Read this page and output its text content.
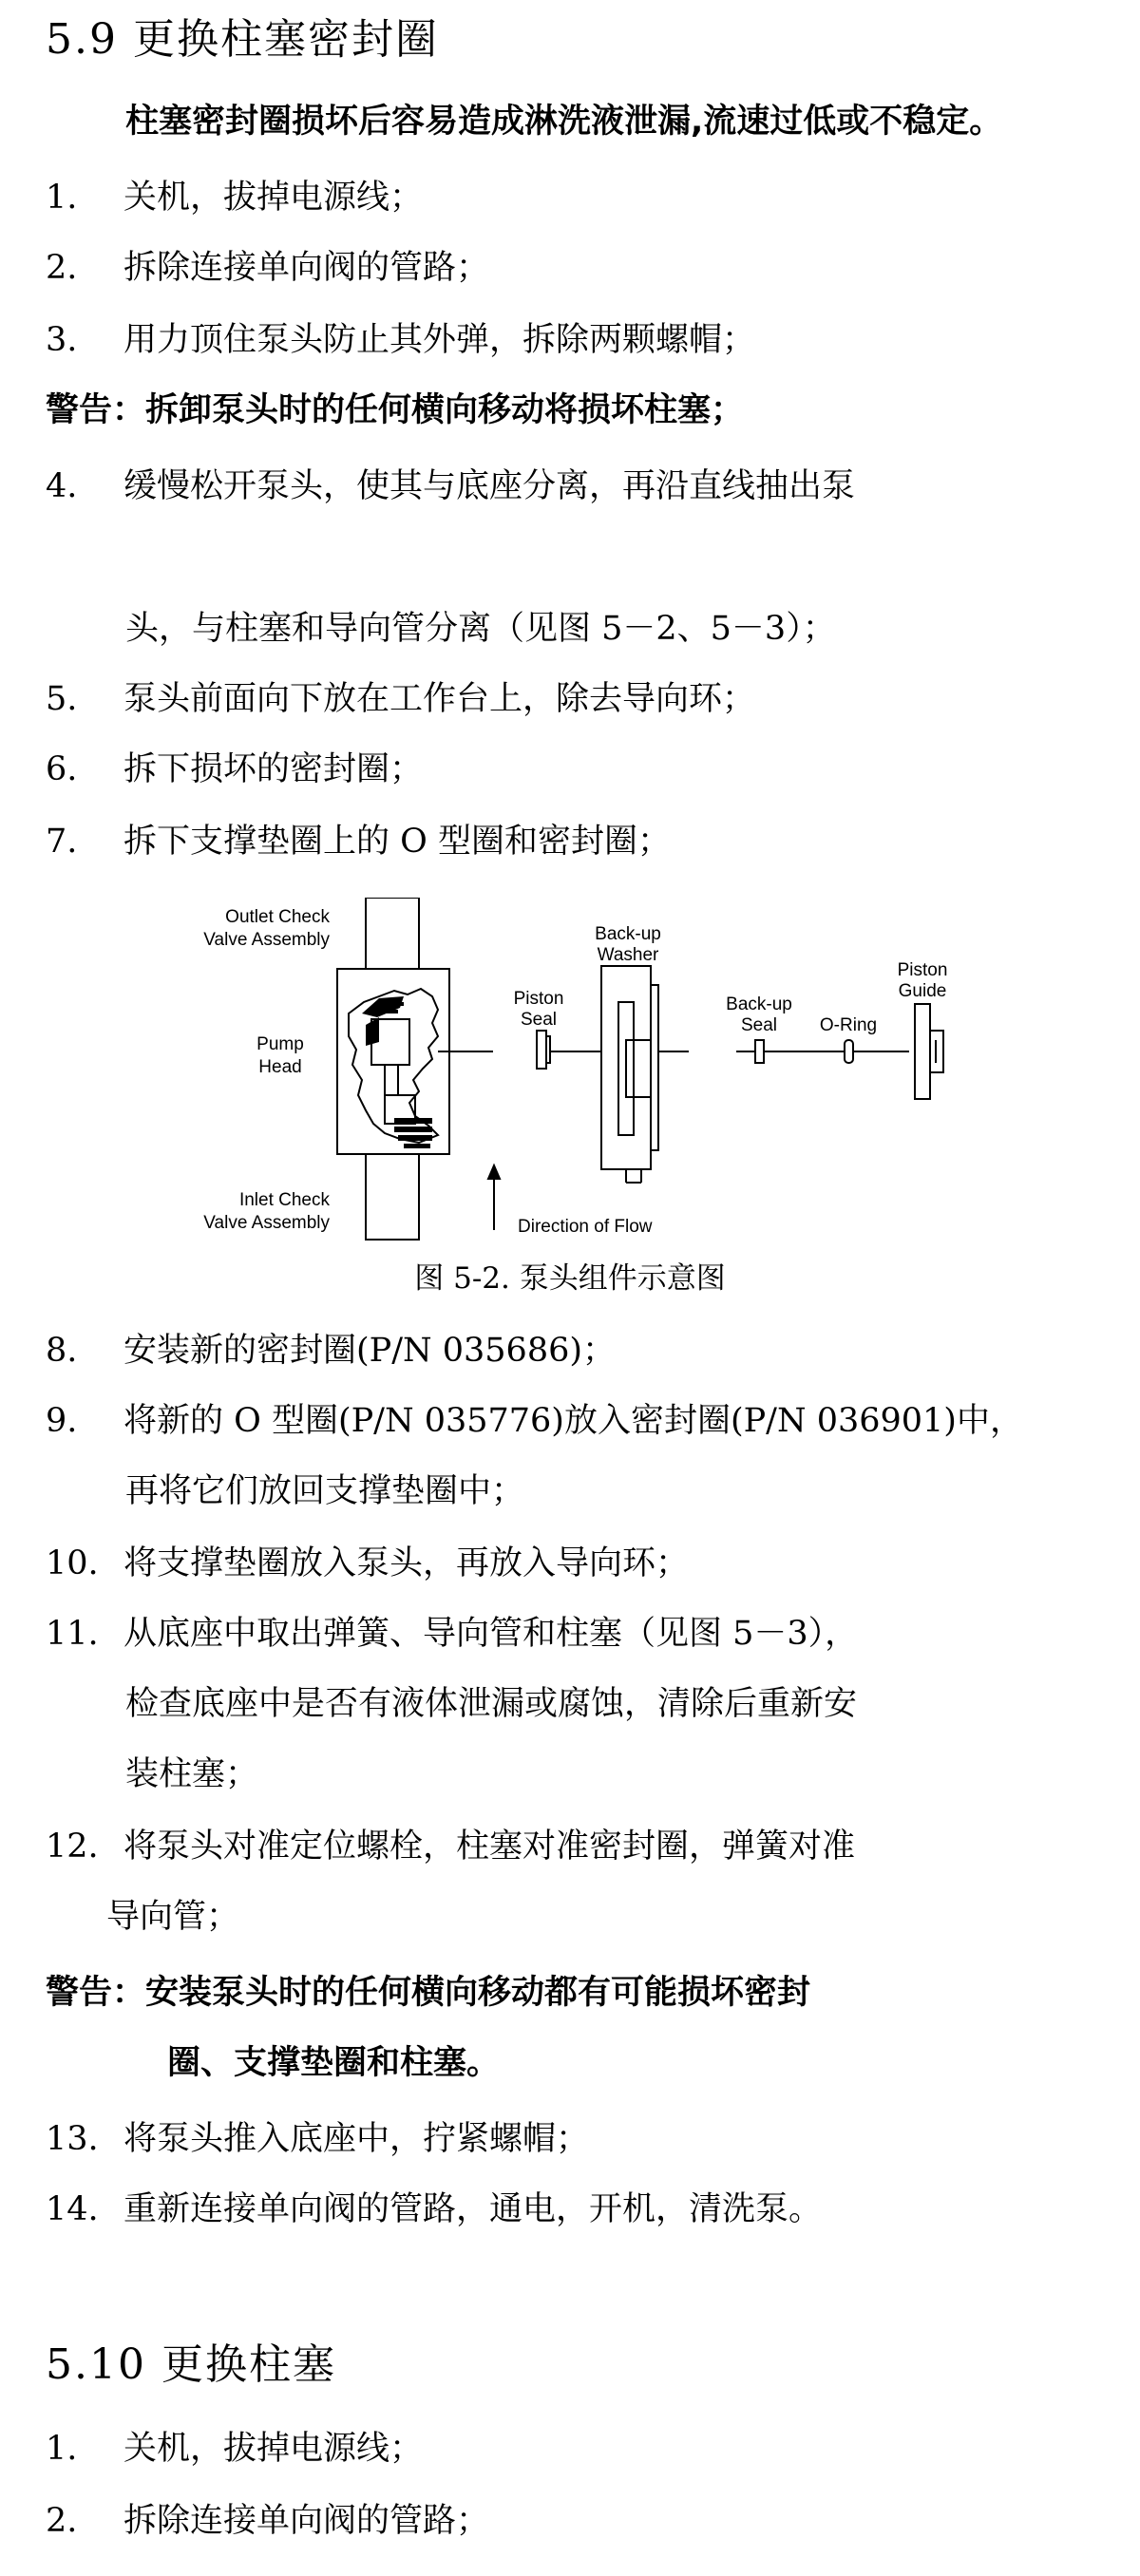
5.9 更换柱塞密封圈
柱塞密封圈损坏后容易造成淋洗液泄漏,流速过低或不稳定。
1. 关机，拔掉电源线；
2. 拆除连接单向阀的管路；
3. 用力顶住泵头防止其外弹，拆除两颗螺帽；
警告：拆卸泵头时的任何横向移动将损坏柱塞；
4. 缓慢松开泵头，使其与底座分离，再沿直线抽出泵
头，与柱塞和导向管分离（见图 5－2、5－3）；
5. 泵头前面向下放在工作台上，除去导向环；
6. 拆下损坏的密封圈；
7. 拆下支撑垫圈上的 O 型圈和密封圈；
Outlet Check
Valve Assembly
Pump
Head
Inlet Check
Valve Assembly
Piston
Seal
Back-up
Washer
Back-up
Seal O-Ring
Piston
Guide
Direction of Flow
图 5-2. 泵头组件示意图
8. 安装新的密封圈(P/N 035686)；
9. 将新的 O 型圈(P/N 035776)放入密封圈(P/N 036901)中，
再将它们放回支撑垫圈中；
10. 将支撑垫圈放入泵头，再放入导向环；
11. 从底座中取出弹簧、导向管和柱塞（见图 5－3），
检查底座中是否有液体泄漏或腐蚀，清除后重新安
装柱塞；
12. 将泵头对准定位螺栓，柱塞对准密封圈，弹簧对准
导向管；
警告：安装泵头时的任何横向移动都有可能损坏密封
圈、支撑垫圈和柱塞。
13. 将泵头推入底座中，拧紧螺帽；
14. 重新连接单向阀的管路，通电，开机，清洗泵。
5.10 更换柱塞
1. 关机，拔掉电源线；
2. 拆除连接单向阀的管路；
